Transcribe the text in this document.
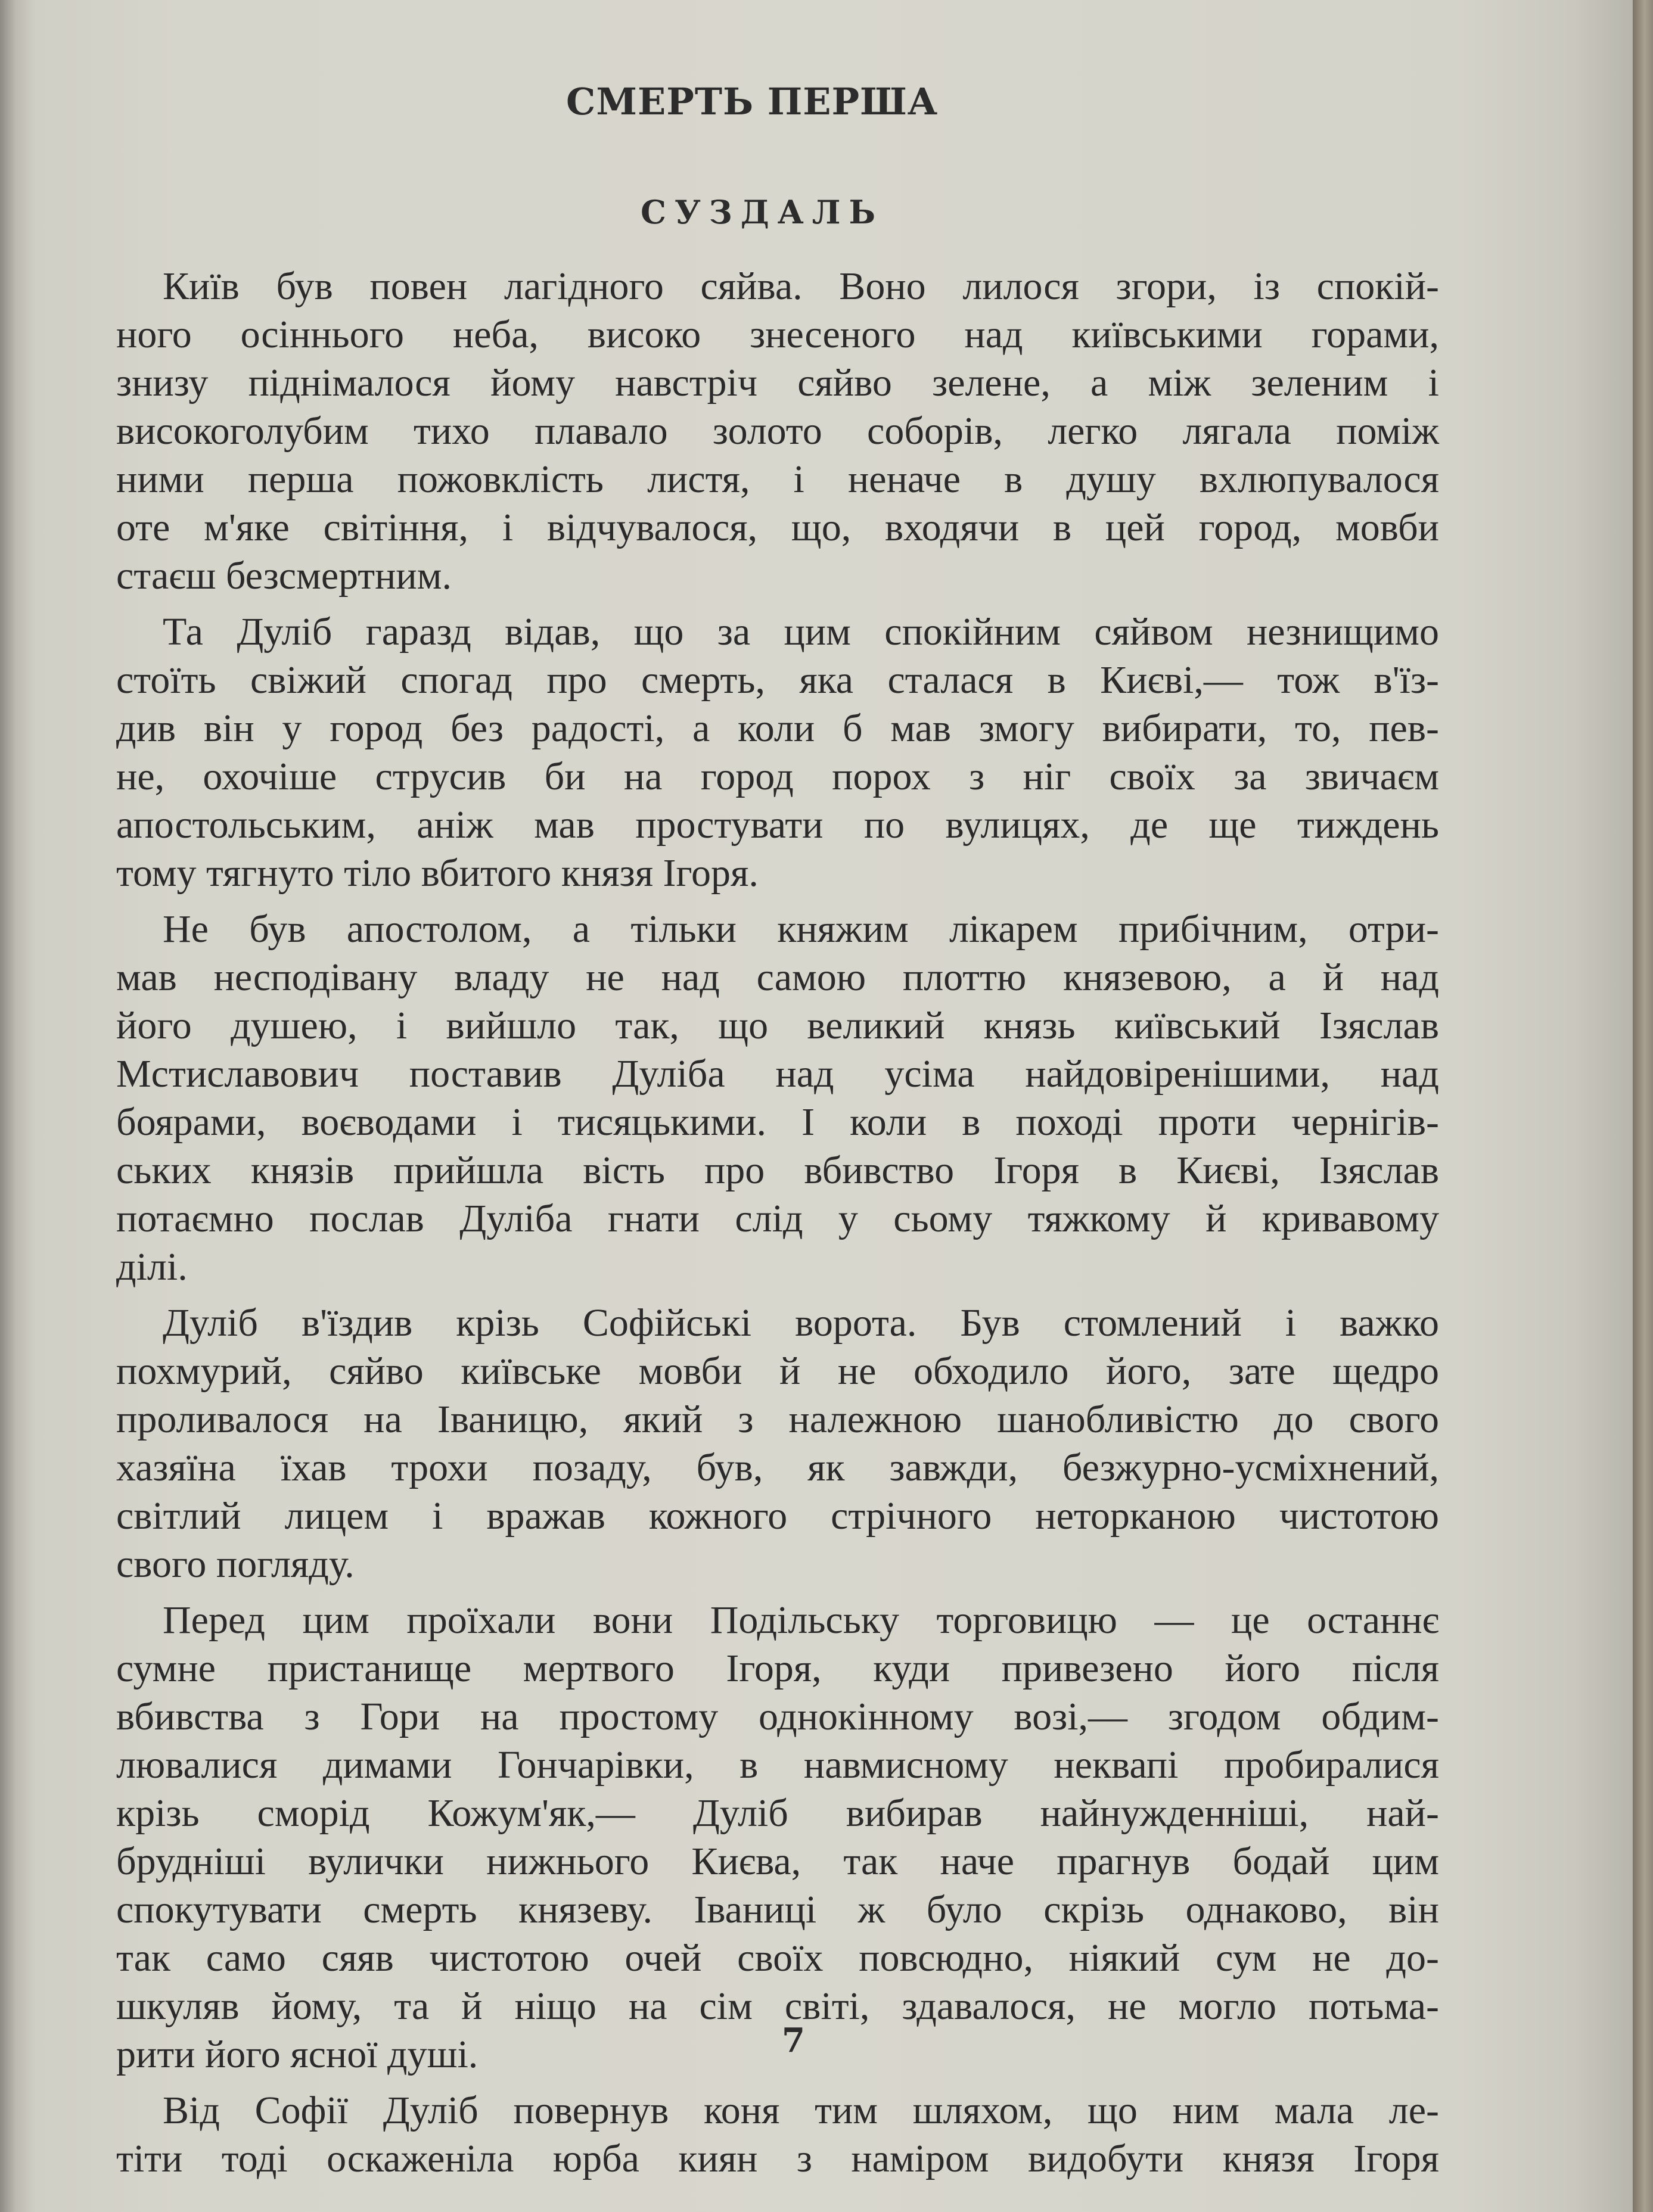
СМЕРТЬ ПЕРША
СУЗДАЛЬ
Київ був повен лагідного сяйва. Воно лилося згори, із спокій-
ного осіннього неба, високо знесеного над київськими горами,
знизу піднімалося йому навстріч сяйво зелене, а між зеленим і
високоголубим тихо плавало золото соборів, легко лягала поміж
ними перша пожовклість листя, і неначе в душу вхлюпувалося
оте м'яке світіння, і відчувалося, що, входячи в цей город, мовби
стаєш безсмертним.
Та Дуліб гаразд відав, що за цим спокійним сяйвом незнищимо
стоїть свіжий спогад про смерть, яка сталася в Києві,— тож в'їз-
див він у город без радості, а коли б мав змогу вибирати, то, пев-
не, охочіше струсив би на город порох з ніг своїх за звичаєм
апостольським, аніж мав простувати по вулицях, де ще тиждень
тому тягнуто тіло вбитого князя Ігоря.
Не був апостолом, а тільки княжим лікарем прибічним, отри-
мав несподівану владу не над самою плоттю князевою, а й над
його душею, і вийшло так, що великий князь київський Ізяслав
Мстиславович поставив Дуліба над усіма найдовіренішими, над
боярами, воєводами і тисяцькими. І коли в поході проти чернігів-
ських князів прийшла вість про вбивство Ігоря в Києві, Ізяслав
потаємно послав Дуліба гнати слід у сьому тяжкому й кривавому
ділі.
Дуліб в'їздив крізь Софійські ворота. Був стомлений і важко
похмурий, сяйво київське мовби й не обходило його, зате щедро
проливалося на Іваницю, який з належною шанобливістю до свого
хазяїна їхав трохи позаду, був, як завжди, безжурно-усміхнений,
світлий лицем і вражав кожного стрічного неторканою чистотою
свого погляду.
Перед цим проїхали вони Подільську торговицю — це останнє
сумне пристанище мертвого Ігоря, куди привезено його після
вбивства з Гори на простому однокінному возі,— згодом обдим-
лювалися димами Гончарівки, в навмисному неквапі пробиралися
крізь сморід Кожум'як,— Дуліб вибирав найнужденніші, най-
брудніші вулички нижнього Києва, так наче прагнув бодай цим
спокутувати смерть князеву. Іваниці ж було скрізь однаково, він
так само сяяв чистотою очей своїх повсюдно, ніякий сум не до-
шкуляв йому, та й ніщо на сім світі, здавалося, не могло потьма-
рити його ясної душі.
Від Софії Дуліб повернув коня тим шляхом, що ним мала ле-
тіти тоді оскаженіла юрба киян з наміром видобути князя Ігоря
7
